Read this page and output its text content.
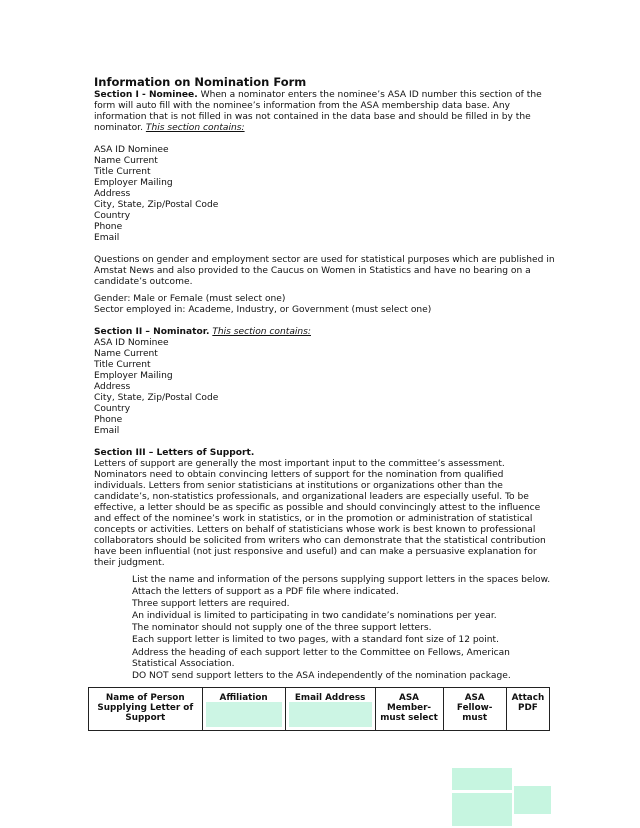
Information on Nomination Form

Section I - Nominee. When a nominator enters the nominee’s ASA ID number this section of the form will auto fill with the nominee’s information from the ASA membership data base. Any information that is not filled in was not contained in the data base and should be filled in by the nominator. This section contains:

ASA ID Nominee
Name Current
Title Current
Employer Mailing
Address
City, State, Zip/Postal Code
Country
Phone
Email

Questions on gender and employment sector are used for statistical purposes which are published in Amstat News and also provided to the Caucus on Women in Statistics and have no bearing on a candidate’s outcome.

Gender: Male or Female (must select one)

Sector employed in: Academe, Industry, or Government (must select one)

Section II – Nominator. This section contains:

ASA ID Nominee
Name Current
Title Current
Employer Mailing
Address
City, State, Zip/Postal Code
Country
Phone
Email

Section III – Letters of Support.

Letters of support are generally the most important input to the committee’s assessment. Nominators need to obtain convincing letters of support for the nomination from qualified individuals. Letters from senior statisticians at institutions or organizations other than the candidate’s, non-statistics professionals, and organizational leaders are especially useful. To be effective, a letter should be as specific as possible and should convincingly attest to the influence and effect of the nominee’s work in statistics, or in the promotion or administration of statistical concepts or activities. Letters on behalf of statisticians whose work is best known to professional collaborators should be solicited from writers who can demonstrate that the statistical contribution have been influential (not just responsive and useful) and can make a persuasive explanation for their judgment.

List the name and information of the persons supplying support letters in the spaces below.
Attach the letters of support as a PDF file where indicated.
Three support letters are required.
An individual is limited to participating in two candidate’s nominations per year.
The nominator should not supply one of the three support letters.
Each support letter is limited to two pages, with a standard font size of 12 point.
Address the heading of each support letter to the Committee on Fellows, American Statistical Association.
DO NOT send support letters to the ASA independently of the nomination package.
Name of Person Supplying Letter of Support	Affiliation	Email Address	ASA Member- must select	ASA Fellow- must	Attach PDF
